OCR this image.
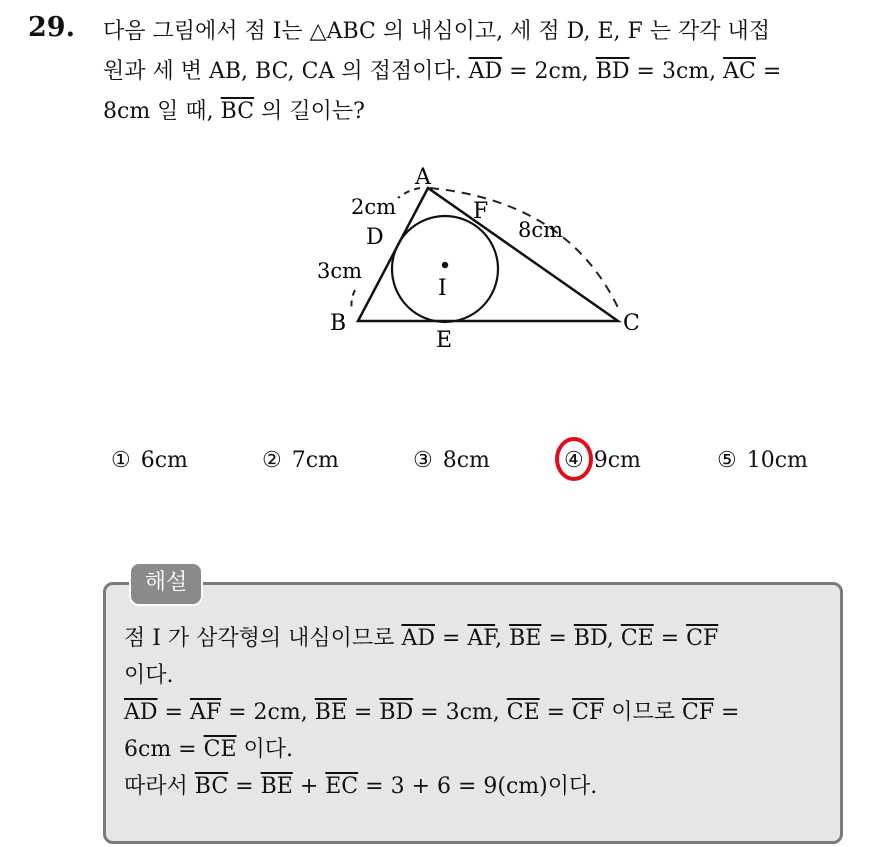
29. 다음 그림에서 점 I는 △ABC 의 내심이고, 세 점 D, E, F 는 각각 내접
원과 세 변 AB, BC, CA 의 접점이다. $\overline{AD} = 2cm$, $\overline{BD} = 3cm$, $\overline{AC}$ =
8cm 일 때, $\overline{BC}$ 의 길이는?
A
B	C
D
E
F
I
2cm
3cm
8cm
① 6cm	② 7cm	③ 8cm	④ 9cm	⑤ 10cm
해설
점 I 가 삼각형의 내심이므로 $\overline{AD} = \overline{AF}$, $\overline{BE} = \overline{BD}$, $\overline{CE} = \overline{CF}$
이다.
$\overline{AD} = \overline{AF} = 2cm$, $\overline{BE} = \overline{BD} = 3cm$, $\overline{CE} = \overline{CF}$ 이므로 $\overline{CF}$ =
$6cm = \overline{CE}$ 이다.
따라서 $\overline{BC} = \overline{BE} + \overline{EC} = 3 + 6 = 9(cm)$이다.
